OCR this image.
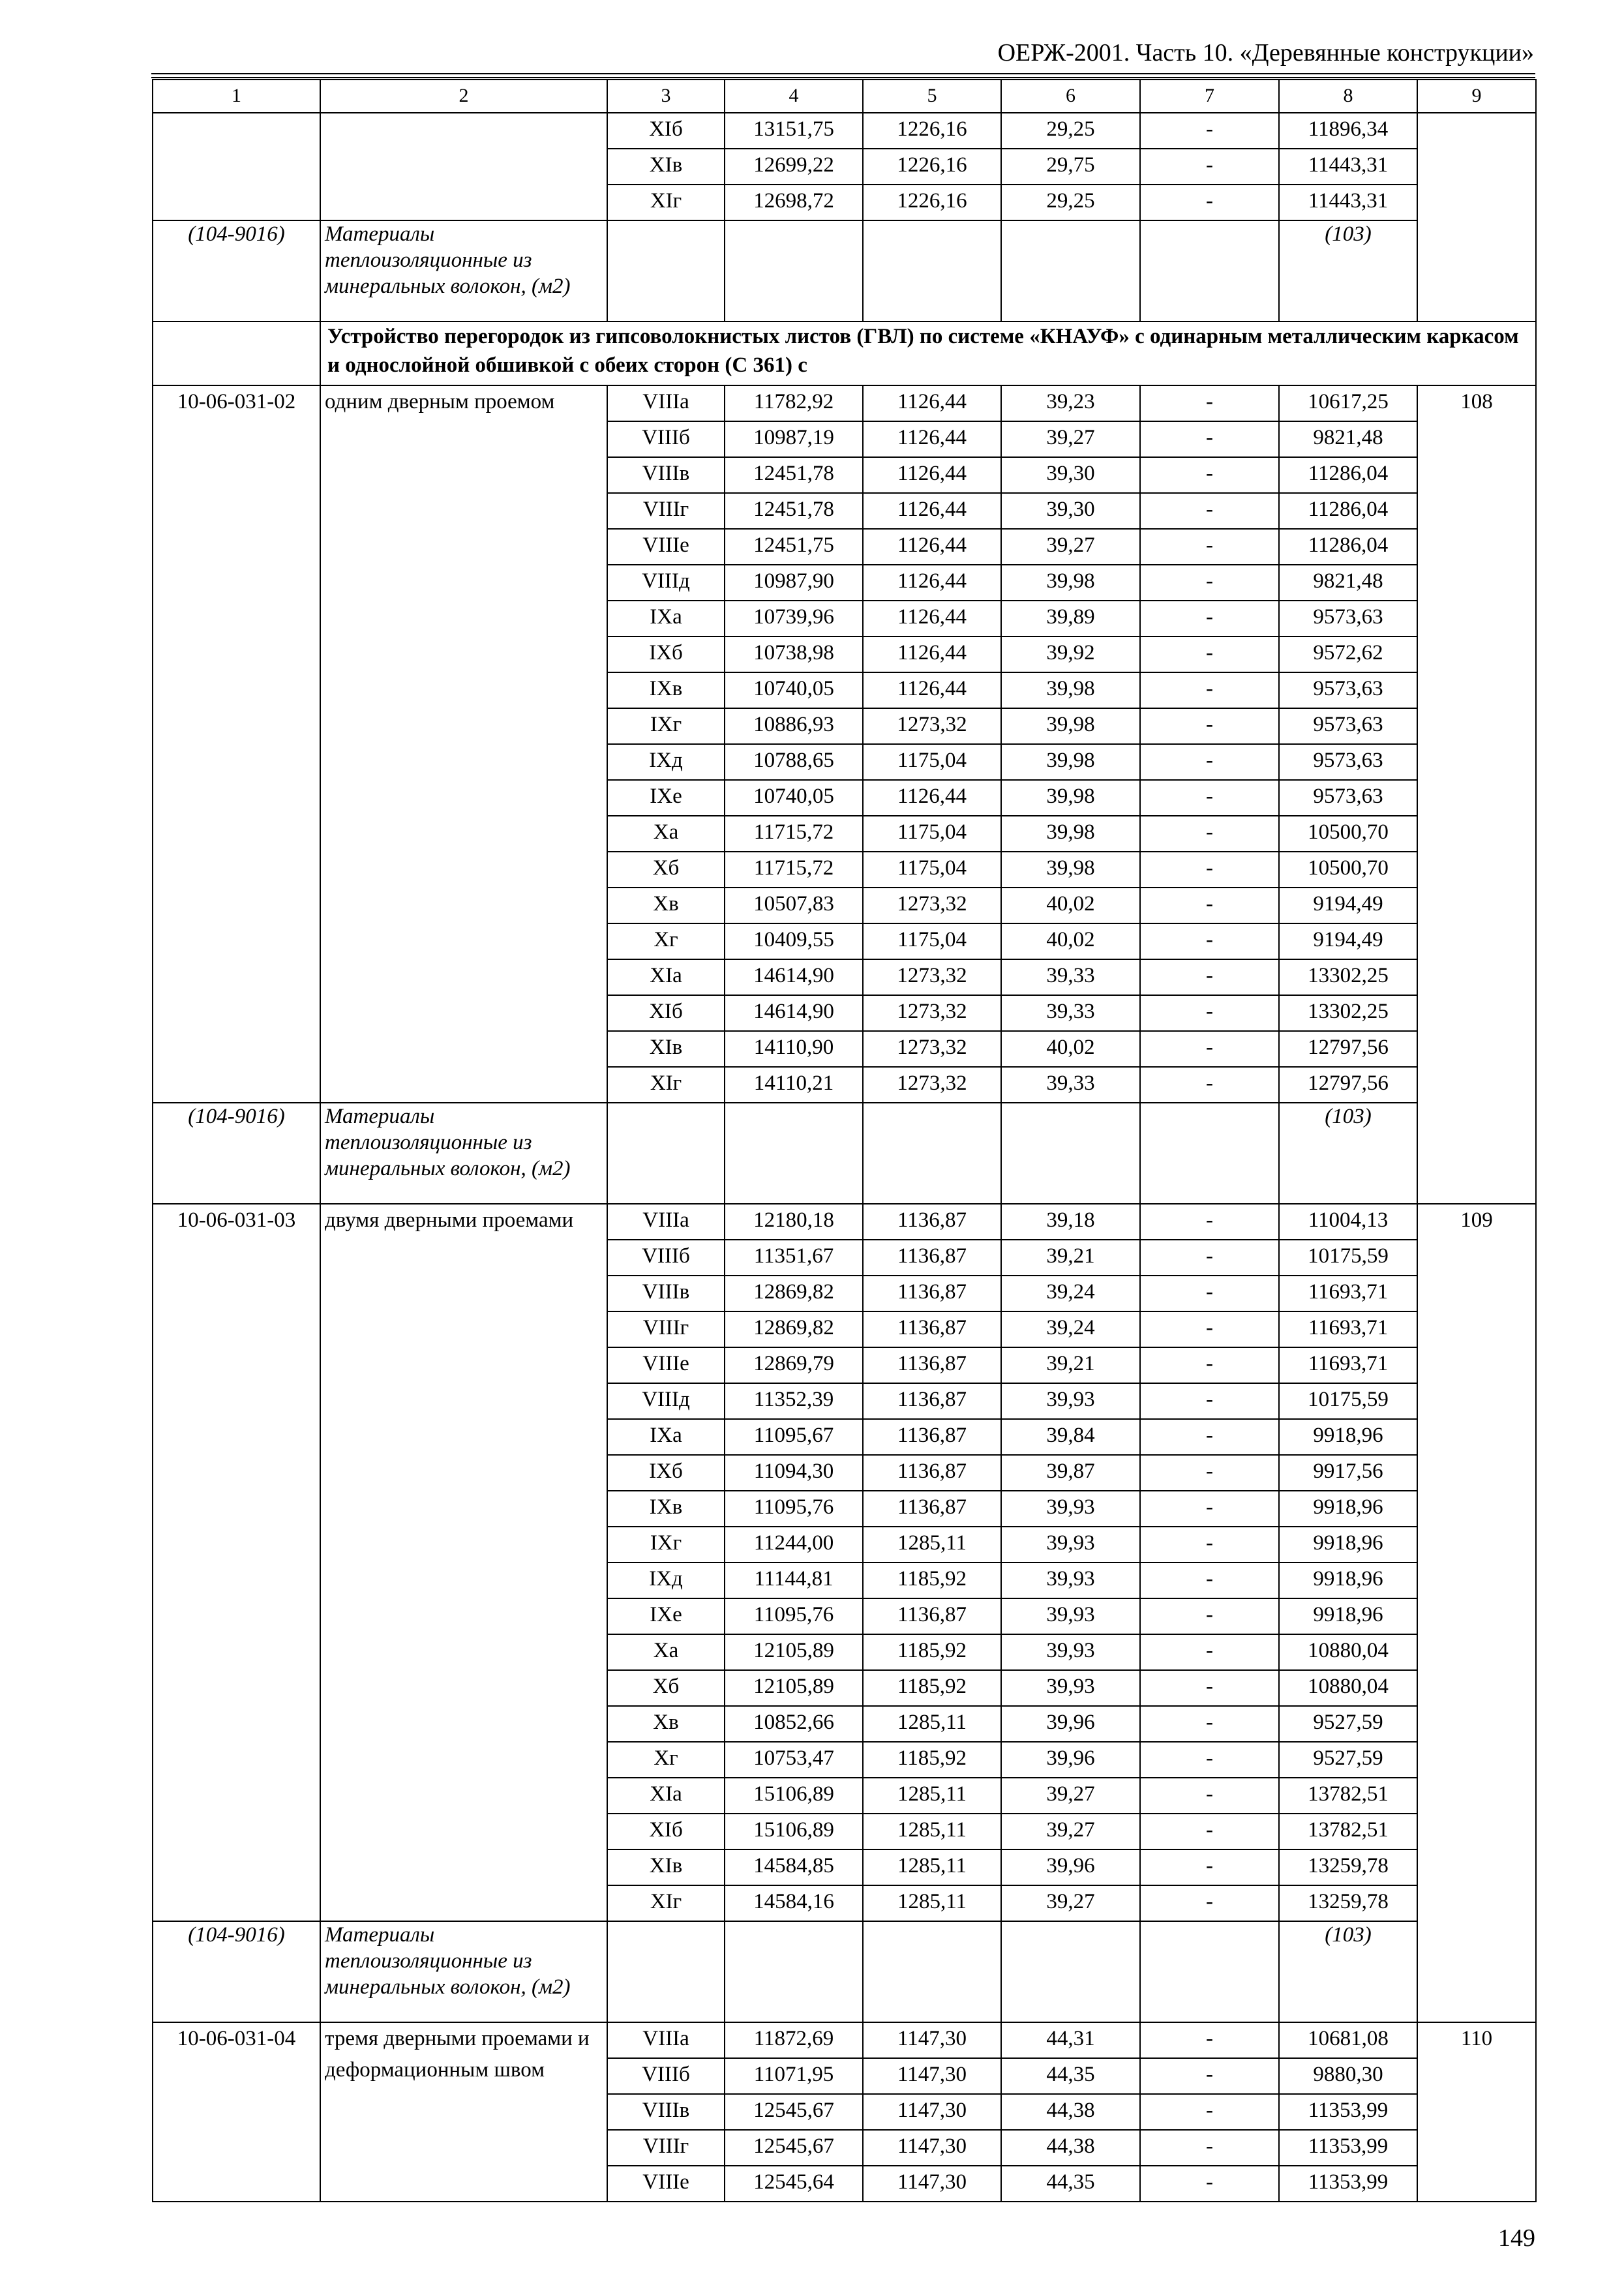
ОЕРЖ-2001. Часть 10. «Деревянные конструкции»
1	2	3	4	5	6	7	8	9
		XIб	13151,75	1226,16	29,25	-	11896,34	
		XIв	12699,22	1226,16	29,75	-	11443,31	
		XIг	12698,72	1226,16	29,25	-	11443,31	
(104-9016)	Материалы теплоизоляционные из минеральных волокон, (м2)						(103)	
	Устройство перегородок из гипсоволокнистых листов (ГВЛ) по системе «КНАУФ» с одинарным металлическим каркасом и однослойной обшивкой с обеих сторон (С 361) с							
10-06-031-02	одним дверным проемом	VIIIа	11782,92	1126,44	39,23	-	10617,25	108
		VIIIб	10987,19	1126,44	39,27	-	9821,48	
		VIIIв	12451,78	1126,44	39,30	-	11286,04	
		VIIIг	12451,78	1126,44	39,30	-	11286,04	
		VIIIе	12451,75	1126,44	39,27	-	11286,04	
		VIIIд	10987,90	1126,44	39,98	-	9821,48	
		IXа	10739,96	1126,44	39,89	-	9573,63	
		IXб	10738,98	1126,44	39,92	-	9572,62	
		IXв	10740,05	1126,44	39,98	-	9573,63	
		IXг	10886,93	1273,32	39,98	-	9573,63	
		IXд	10788,65	1175,04	39,98	-	9573,63	
		IXе	10740,05	1126,44	39,98	-	9573,63	
		Xа	11715,72	1175,04	39,98	-	10500,70	
		Xб	11715,72	1175,04	39,98	-	10500,70	
		Xв	10507,83	1273,32	40,02	-	9194,49	
		Xг	10409,55	1175,04	40,02	-	9194,49	
		XIа	14614,90	1273,32	39,33	-	13302,25	
		XIб	14614,90	1273,32	39,33	-	13302,25	
		XIв	14110,90	1273,32	40,02	-	12797,56	
		XIг	14110,21	1273,32	39,33	-	12797,56	
(104-9016)	Материалы теплоизоляционные из минеральных волокон, (м2)						(103)	
10-06-031-03	двумя дверными проемами	VIIIа	12180,18	1136,87	39,18	-	11004,13	109
		VIIIб	11351,67	1136,87	39,21	-	10175,59	
		VIIIв	12869,82	1136,87	39,24	-	11693,71	
		VIIIг	12869,82	1136,87	39,24	-	11693,71	
		VIIIе	12869,79	1136,87	39,21	-	11693,71	
		VIIIд	11352,39	1136,87	39,93	-	10175,59	
		IXа	11095,67	1136,87	39,84	-	9918,96	
		IXб	11094,30	1136,87	39,87	-	9917,56	
		IXв	11095,76	1136,87	39,93	-	9918,96	
		IXг	11244,00	1285,11	39,93	-	9918,96	
		IXд	11144,81	1185,92	39,93	-	9918,96	
		IXе	11095,76	1136,87	39,93	-	9918,96	
		Xа	12105,89	1185,92	39,93	-	10880,04	
		Xб	12105,89	1185,92	39,93	-	10880,04	
		Xв	10852,66	1285,11	39,96	-	9527,59	
		Xг	10753,47	1185,92	39,96	-	9527,59	
		XIа	15106,89	1285,11	39,27	-	13782,51	
		XIб	15106,89	1285,11	39,27	-	13782,51	
		XIв	14584,85	1285,11	39,96	-	13259,78	
		XIг	14584,16	1285,11	39,27	-	13259,78	
(104-9016)	Материалы теплоизоляционные из минеральных волокон, (м2)						(103)	
10-06-031-04	тремя дверными проемами и деформационным швом	VIIIа	11872,69	1147,30	44,31	-	10681,08	110
		VIIIб	11071,95	1147,30	44,35	-	9880,30	
		VIIIв	12545,67	1147,30	44,38	-	11353,99	
		VIIIг	12545,67	1147,30	44,38	-	11353,99	
		VIIIе	12545,64	1147,30	44,35	-	11353,99	
149
